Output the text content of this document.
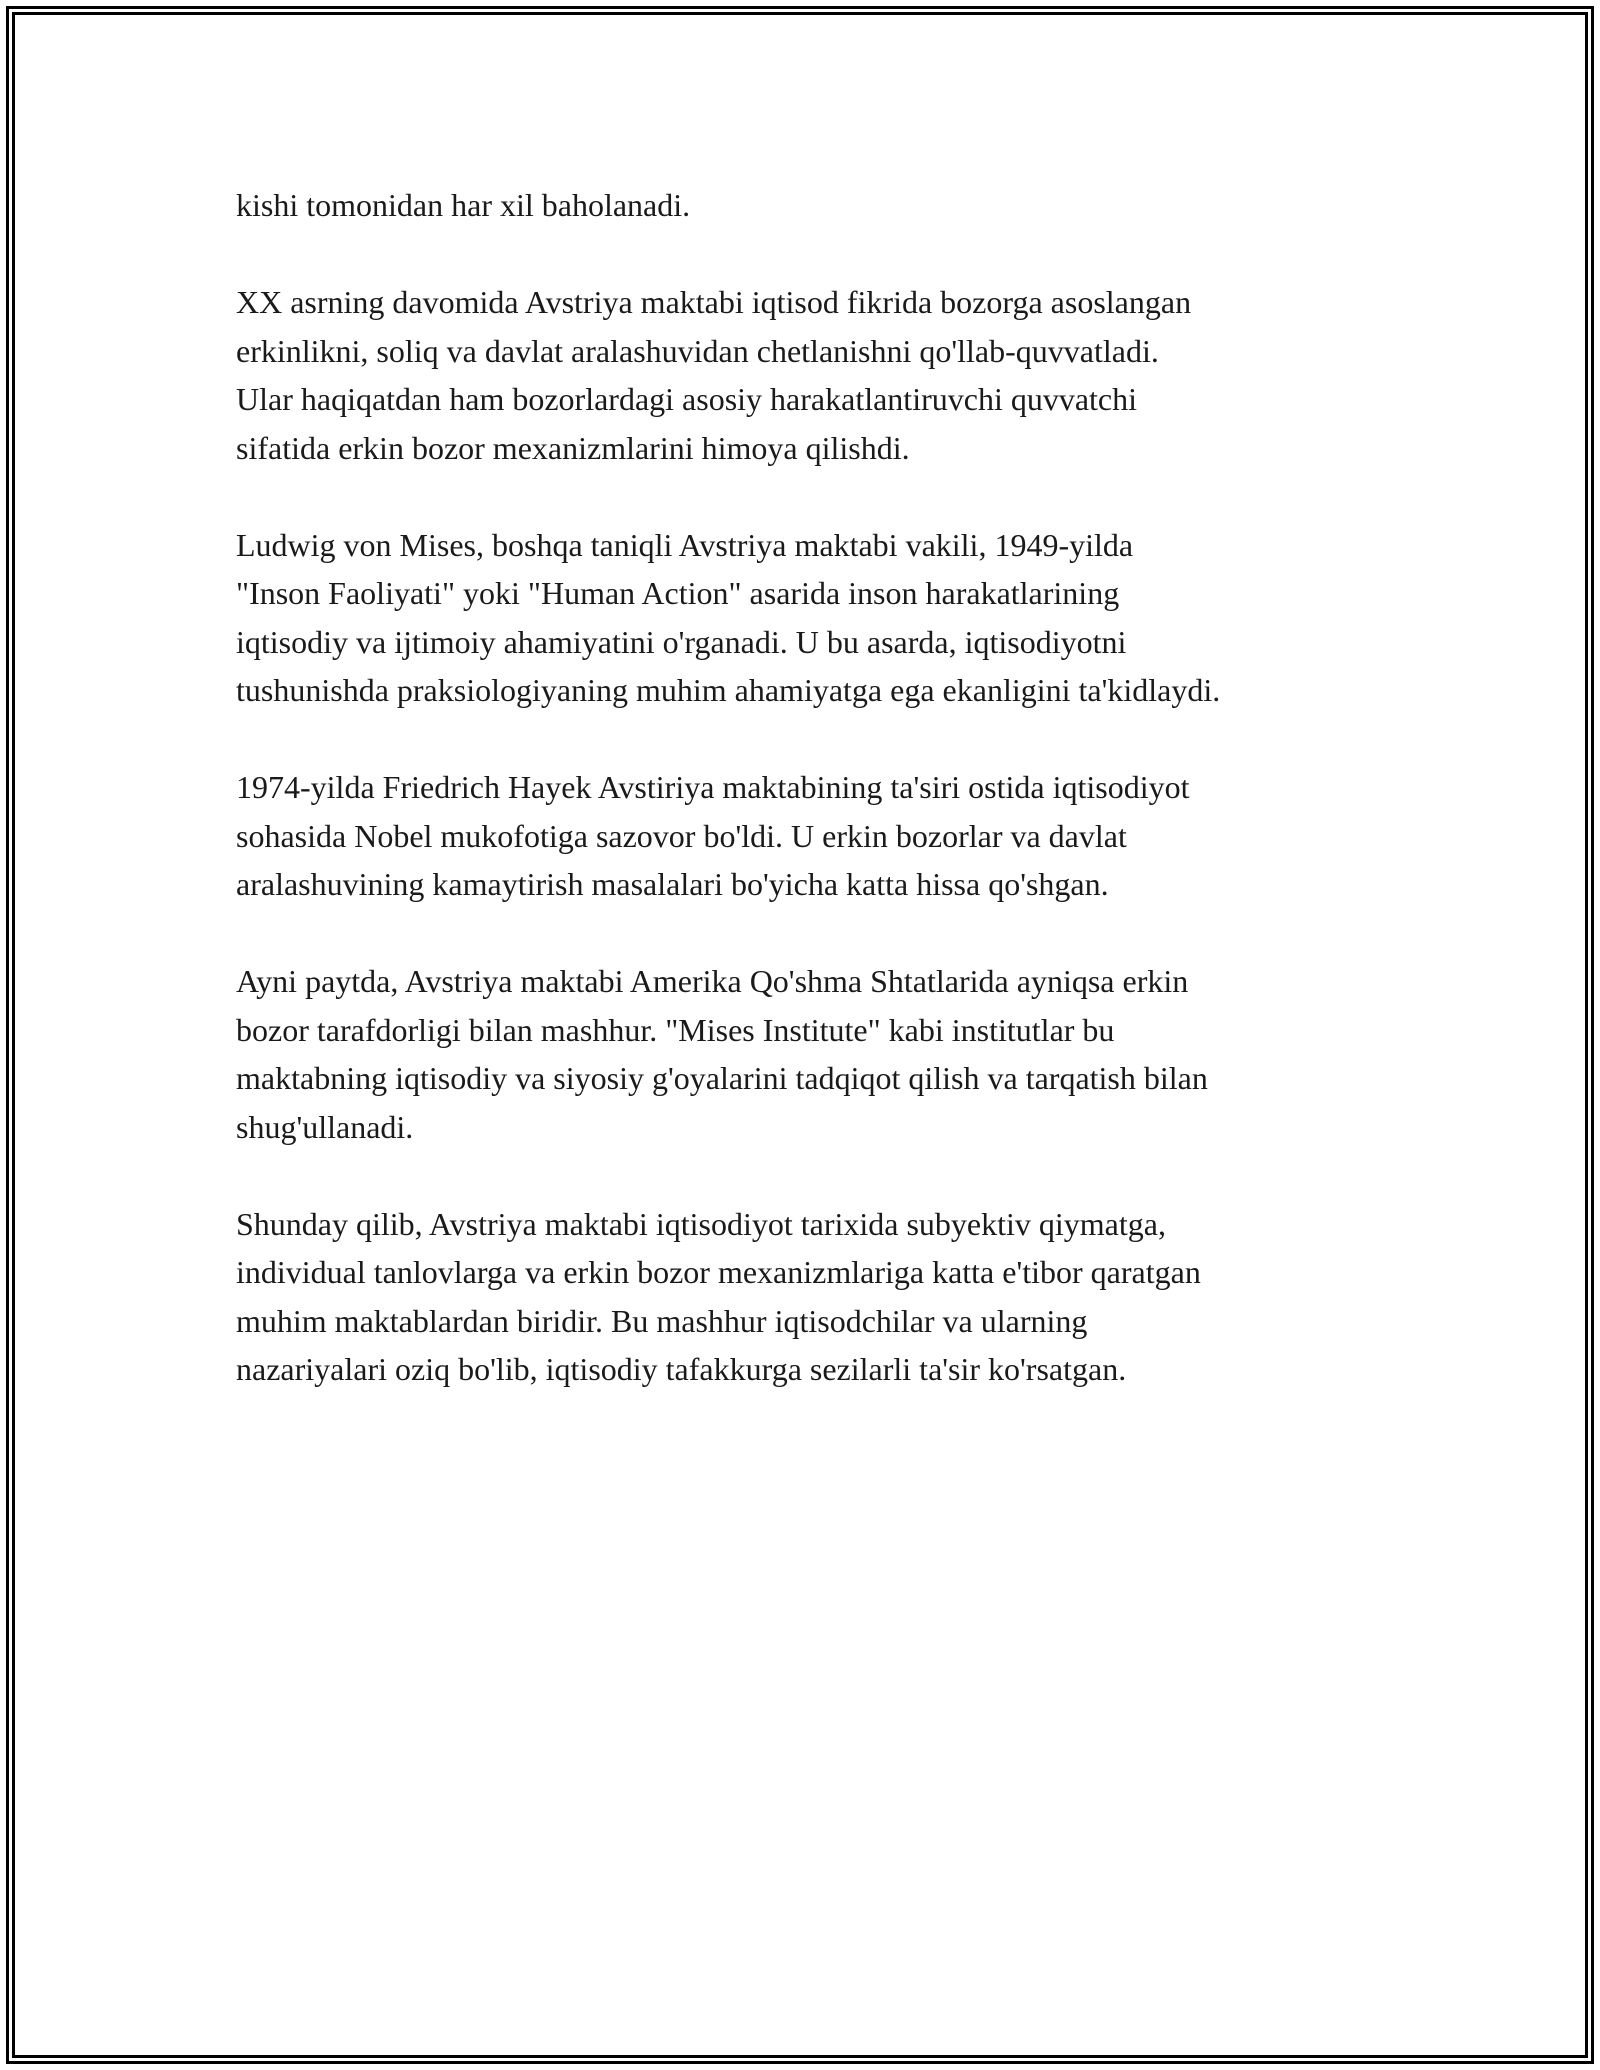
kishi tomonidan har xil baholanadi.

XX asrning davomida Avstriya maktabi iqtisod fikrida bozorga asoslangan
erkinlikni, soliq va davlat aralashuvidan chetlanishni qo'llab-quvvatladi.
Ular haqiqatdan ham bozorlardagi asosiy harakatlantiruvchi quvvatchi
sifatida erkin bozor mexanizmlarini himoya qilishdi.

Ludwig von Mises, boshqa taniqli Avstriya maktabi vakili, 1949-yilda
"Inson Faoliyati" yoki "Human Action" asarida inson harakatlarining
iqtisodiy va ijtimoiy ahamiyatini o'rganadi. U bu asarda, iqtisodiyotni
tushunishda praksiologiyaning muhim ahamiyatga ega ekanligini ta'kidlaydi.

1974-yilda Friedrich Hayek Avstiriya maktabining ta'siri ostida iqtisodiyot
sohasida Nobel mukofotiga sazovor bo'ldi. U erkin bozorlar va davlat
aralashuvining kamaytirish masalalari bo'yicha katta hissa qo'shgan.

Ayni paytda, Avstriya maktabi Amerika Qo'shma Shtatlarida ayniqsa erkin
bozor tarafdorligi bilan mashhur. "Mises Institute" kabi institutlar bu
maktabning iqtisodiy va siyosiy g'oyalarini tadqiqot qilish va tarqatish bilan
shug'ullanadi.

Shunday qilib, Avstriya maktabi iqtisodiyot tarixida subyektiv qiymatga,
individual tanlovlarga va erkin bozor mexanizmlariga katta e'tibor qaratgan
muhim maktablardan biridir. Bu mashhur iqtisodchilar va ularning
nazariyalari oziq bo'lib, iqtisodiy tafakkurga sezilarli ta'sir ko'rsatgan.
